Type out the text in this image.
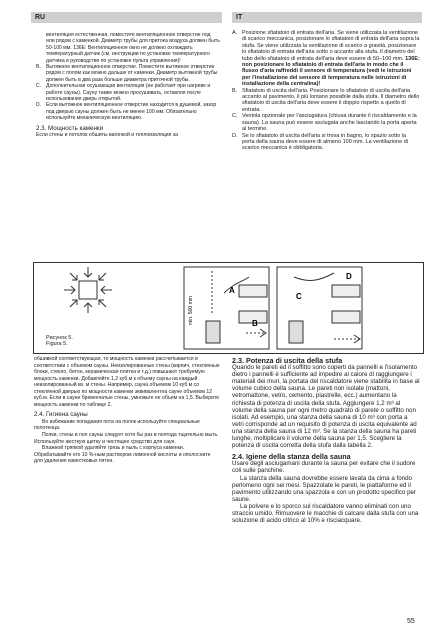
RU	IT
вентиляция естественная, поместите вентиляционное отверстие под или рядом с каменкой. Диаметр трубы для притока воздуха должен быть 50-100 мм. 136E: Вентиляционное окно не должно охлаждать температурный датчик (см. инструкции по установке температурного датчика в руководстве по установке пульта управления)!
B.	Вытяжное вентиляционное отверстие. Поместите вытяжное отверстие рядом с полом как можно дальше от каменки. Диаметр вытяжной трубы должен быть в два раза больше диаметра приточной трубы.
C. Дополнительная осушающая вентиляция (не работает при нагреве и работе сауны). Сауну также можно просушивать, оставляя после использования дверь открытой.
D. Если вытяжное вентиляционное отверстие находится в душевой, зазор под дверью сауны должен быть не менее 100 мм. Обязательно используйте механическую вентиляцию.
2.3. Мощность каменки
Если стены и потолок обшиты вагонкой и теплоизоляция за
A. Posizione sfiatatoio di entrata dell'aria. Se viene utilizzata la ventilazione di scarico meccanica, posizionare lo sfiatatoio di entrata dell'aria sopra la stufa. Se viene utilizzata la ventilazione di scarico a gravità, posizionare lo sfiatatoio di entrata dell'aria sotto o accanto alla stufa. Il diametro del tubo dello sfiatatoio di entrata dell'aria deve essere di 50–100 mm. 136E: non posizionare lo sfiatatoio di entrata dell'aria in modo che il flusso d'aria raffreddi il sensore di temperatura (vedi le istruzioni per l'installazione del sensore di temperatura nelle istruzioni di installazione della centralina)!
B. Sfiatatoio di uscita dell'aria. Posizionare lo sfiatatoio di uscita dell'aria accanto al pavimento, il più lontano possibile dalla stufa. Il diametro dello sfiatatoio di uscita dell'aria deve essere il doppio rispetto a quello di entrata.
C. Ventola opzionale per l'asciugatura (chiusa durante il riscaldamento e la sauna). La sauna può essere asciugata anche lasciando la porta aperta al termine.
D. Se lo sfiatatoio di uscita dell'aria si trova in bagno, lo spazio sotto la porta della sauna deve essere di almeno 100 mm. La ventilazione di scarico meccanica è obbligatoria.
min. 500 mm
A
B
C
D
Рисунок 5.
Figura 5.
обшивкой соответствующая, то мощность каменки рассчитывается в соответствии с объемом сауны. Неизолированные стены (кирпич, стеклянные блоки, стекло, бетон, керамическая плитка и т.д.) повышают требуемую мощность каменки. Добавляйте 1,2 куб.м к объему сауны на каждый неизолированный кв. м стены. Например, сауна объемом 10 куб.м со стеклянной дверью по мощности каменки эквивалентна сауне объемом 12 куб.м. Если в сауне бревенчатые стены, умножьте ее объем на 1,5. Выберите мощность каменки по таблице 2.
2.4. Гигиена сауны
Во избежание попадания пота на полок используйте специальные полотенца.
Полки, стены и пол сауны следует хотя бы раз в полгода тщательно мыть. Используйте жесткую щетку и чистящее средство для саун.
Влажной тряпкой удаляйте грязь и пыль с корпуса каменки. Обрабатывайте его 10 %-ным раствором лимонной кислоты и ополосните для удаления известковых пятен.
2.3. Potenza di uscita della stufa
Quando le pareti ed il soffitto sono coperti da pannelli e l'isolamento dietro i pannelli è sufficiente ad impedire al calore di raggiungere i materiali dei muri, la portata del riscaldatore viene stabilita in base al volume cubico della sauna. Le pareti non isolate (mattoni, vetromattone, vetro, cemento, piastrelle, ecc.) aumentano la richiesta di potenza di uscita della stufa. Aggiungere 1,2 m³ al volume della sauna per ogni metro quadrato di parete o soffitto non isolati. Ad esempio, una stanza della sauna di 10 m³ con porta a vetri corrisponde ad un requisito di potenza di uscita equivalente ad una stanza della sauna di 12 m³. Se la stanza della sauna ha pareti lunghe, moltiplicare il volume della sauna per 1,5. Scegliere la potenza di uscita corretta della stufa dalla tabella 2.
2.4. Igiene della stanza della sauna
Usare degli asciugamani durante la sauna per evitare che il sudore coli sulle panchine.
La stanza della sauna dovrebbe essere lavata da cima a fondo perlomeno ogni sei mesi. Spazzolate le pareti, le piattaforme ed il pavimento utilizzando una spazzola e con un prodotto specifico per saune.
La polvere e lo sporco sul riscaldatore vanno eliminati con uno straccio umido. Rimuovere le macchie di calcare dalla stufa con una soluzione di acido citrico al 10% e risciacquare.
55
